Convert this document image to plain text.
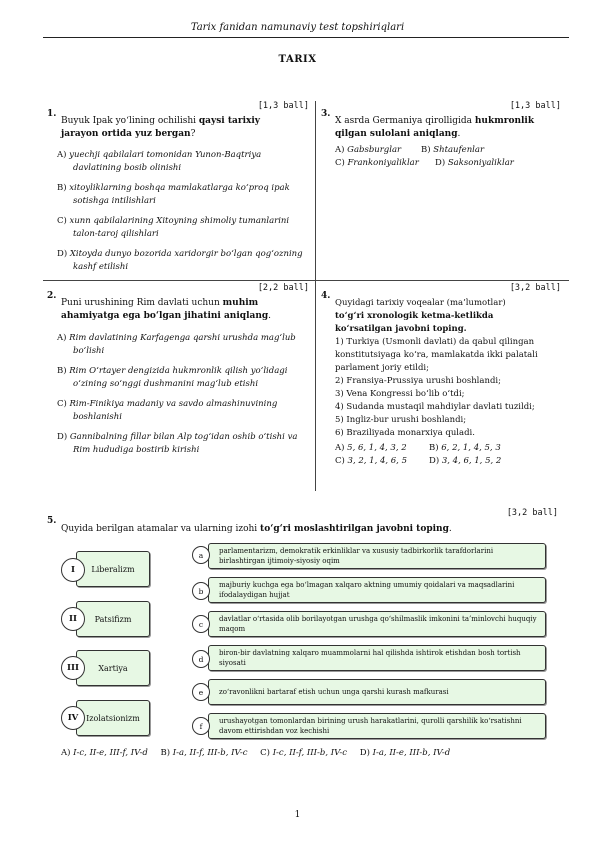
Tarix fanidan namunaviy test topshiriqlari
TARIX
1.
[1,3 ball]
Buyuk Ipak yo‘lining ochilishi qaysi tarixiy
jarayon ortida yuz bergan?
A) yuechji qabilalari tomonidan Yunon-Baqtriya davlatining bosib olinishi
B) xitoyliklarning boshqa mamlakatlarga ko‘proq ipak sotishga intilishlari
C) xunn qabilalarining Xitoyning shimoliy tumanlarini talon-taroj qilishlari
D) Xitoyda dunyo bozorida xaridorgir bo‘lgan qog‘ozning kashf etilishi
2.
[2,2 ball]
Puni urushining Rim davlati uchun muhim
ahamiyatga ega bo‘lgan jihatini aniqlang.
A) Rim davlatining Karfagenga qarshi urushda mag‘lub bo‘lishi
B) Rim O‘rtayer dengizida hukmronlik qilish yo‘lidagi o‘zining so‘nggi dushmanini mag‘lub etishi
C) Rim-Finikiya madaniy va savdo almashinuvining boshlanishi
D) Gannibalning fillar bilan Alp tog‘idan oshib o‘tishi va Rim hududiga bostirib kirishi
3.
[1,3 ball]
X asrda Germaniya qirolligida hukmronlik
qilgan sulolani aniqlang.
A) Gabsburglar B) Shtaufenlar
C) Frankoniyaliklar D) Saksoniyaliklar
4.
[3,2 ball]
Quyidagi tarixiy voqealar (ma’lumotlar)
to‘g‘ri xronologik ketma-ketlikda
ko‘rsatilgan javobni toping.
1) Turkiya (Usmonli davlati) da qabul qilingan konstitutsiyaga ko‘ra, mamlakatda ikki palatali parlament joriy etildi;
2) Fransiya-Prussiya urushi boshlandi;
3) Vena Kongressi bo‘lib o‘tdi;
4) Sudanda mustaqil mahdiylar davlati tuzildi;
5) Ingliz-bur urushi boshlandi;
6) Braziliyada monarxiya quladi.
A) 5, 6, 1, 4, 3, 2	B) 6, 2, 1, 4, 5, 3
C) 3, 2, 1, 4, 6, 5	D) 3, 4, 6, 1, 5, 2
5.
[3,2 ball]
Quyida berilgan atamalar va ularning izohi to‘g‘ri moslashtirilgan javobni toping.
Liberalizm
I
Patsifizm
II
Xartiya
III
Izolatsionizm
IV
parlamentarizm, demokratik erkinliklar va xususiy tadbirkorlik tarafdorlarini birlashtirgan ijtimoiy-siyosiy oqim
a
majburiy kuchga ega bo‘lmagan xalqaro aktning umumiy qoidalari va maqsadlarini ifodalaydigan hujjat
b
davlatlar o‘rtasida olib borilayotgan urushga qo‘shilmaslik imkonini ta’minlovchi huquqiy maqom
c
biron-bir davlatning xalqaro muammolarni hal qilishda ishtirok etishdan bosh tortish siyosati
d
zo‘ravonlikni bartaraf etish uchun unga qarshi kurash mafkurasi
e
urushayotgan tomonlardan birining urush harakatlarini, qurolli qarshilik ko‘rsatishni davom ettirishdan voz kechishi
f
A) I-c, II-e, III-f, IV-d B) I-a, II-f, III-b, IV-c C) I-c, II-f, III-b, IV-c D) I-a, II-e, III-b, IV-d
1
